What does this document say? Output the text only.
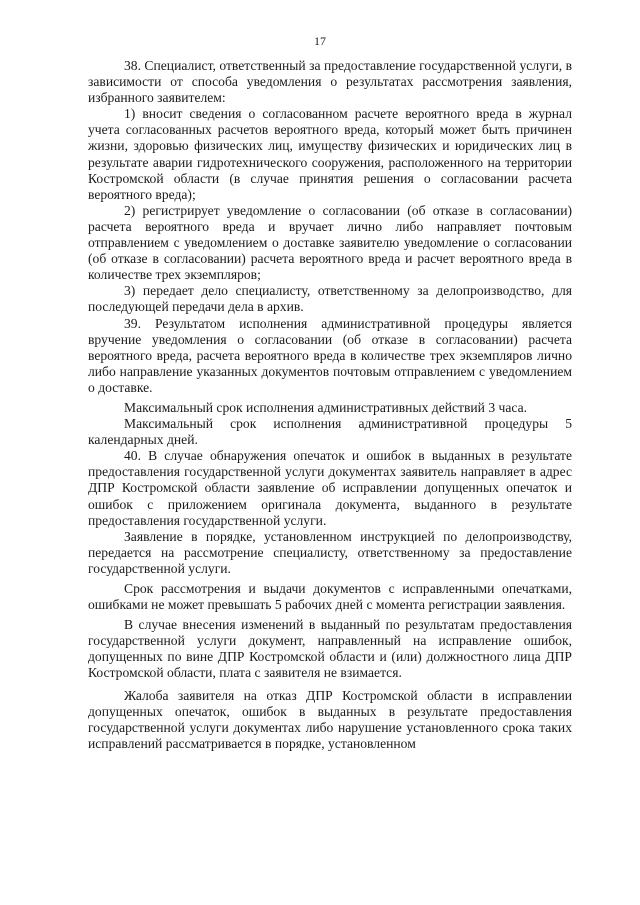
17

38. Специалист, ответственный за предоставление государственной услуги, в зависимости от способа уведомления о результатах рассмотрения заявления, избранного заявителем:

1) вносит сведения о согласованном расчете вероятного вреда в журнал учета согласованных расчетов вероятного вреда, который может быть причинен жизни, здоровью физических лиц, имуществу физических и юридических лиц в результате аварии гидротехнического сооружения, расположенного на территории Костромской области (в случае принятия решения о согласовании расчета вероятного вреда);

2) регистрирует уведомление о согласовании (об отказе в согласовании) расчета вероятного вреда и вручает лично либо направляет почтовым отправлением с уведомлением о доставке заявителю уведомление о согласовании (об отказе в согласовании) расчета вероятного вреда и расчет вероятного вреда в количестве трех экземпляров;

3) передает дело специалисту, ответственному за делопроизводство, для последующей передачи дела в архив.

39. Результатом исполнения административной процедуры является вручение уведомления о согласовании (об отказе в согласовании) расчета вероятного вреда, расчета вероятного вреда в количестве трех экземпляров лично либо направление указанных документов почтовым отправлением с уведомлением о доставке.

Максимальный срок исполнения административных действий 3 часа.

Максимальный срок исполнения административной процедуры 5 календарных дней.

40. В случае обнаружения опечаток и ошибок в выданных в результате предоставления государственной услуги документах заявитель направляет в адрес ДПР Костромской области заявление об исправлении допущенных опечаток и ошибок с приложением оригинала документа, выданного в результате предоставления государственной услуги.

Заявление в порядке, установленном инструкцией по делопроизводству, передается на рассмотрение специалисту, ответственному за предоставление государственной услуги.

Срок рассмотрения и выдачи документов с исправленными опечатками, ошибками не может превышать 5 рабочих дней с момента регистрации заявления.

В случае внесения изменений в выданный по результатам предоставления государственной услуги документ, направленный на исправление ошибок, допущенных по вине ДПР Костромской области и (или) должностного лица ДПР Костромской области, плата с заявителя не взимается.

Жалоба заявителя на отказ ДПР Костромской области в исправлении допущенных опечаток, ошибок в выданных в результате предоставления государственной услуги документах либо нарушение установленного срока таких исправлений рассматривается в порядке, установленном
